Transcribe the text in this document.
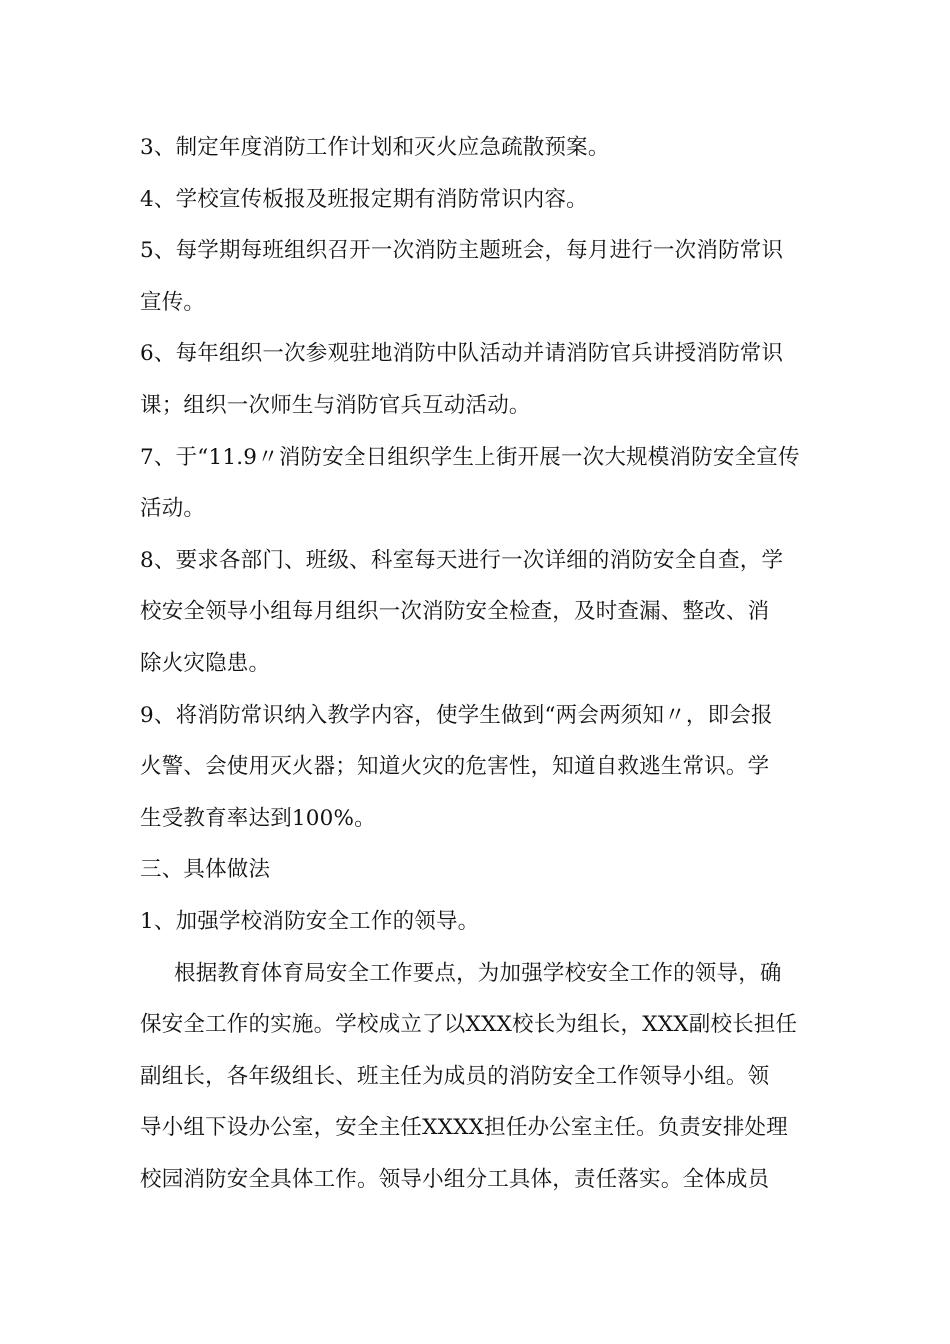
3、制定年度消防工作计划和灭火应急疏散预案。
4、学校宣传板报及班报定期有消防常识内容。
5、每学期每班组织召开一次消防主题班会，每月进行一次消防常识
宣传。
6、每年组织一次参观驻地消防中队活动并请消防官兵讲授消防常识
课；组织一次师生与消防官兵互动活动。
7、于“11.9〃消防安全日组织学生上街开展一次大规模消防安全宣传
活动。
8、要求各部门、班级、科室每天进行一次详细的消防安全自查，学
校安全领导小组每月组织一次消防安全检查，及时查漏、整改、消
除火灾隐患。
9、将消防常识纳入教学内容，使学生做到“两会两须知〃，即会报
火警、会使用灭火器；知道火灾的危害性，知道自救逃生常识。学
生受教育率达到100%。
三、具体做法
1、加强学校消防安全工作的领导。
根据教育体育局安全工作要点，为加强学校安全工作的领导，确
保安全工作的实施。学校成立了以XXX校长为组长，XXX副校长担任
副组长，各年级组长、班主任为成员的消防安全工作领导小组。领
导小组下设办公室，安全主任XXXX担任办公室主任。负责安排处理
校园消防安全具体工作。领导小组分工具体，责任落实。全体成员
